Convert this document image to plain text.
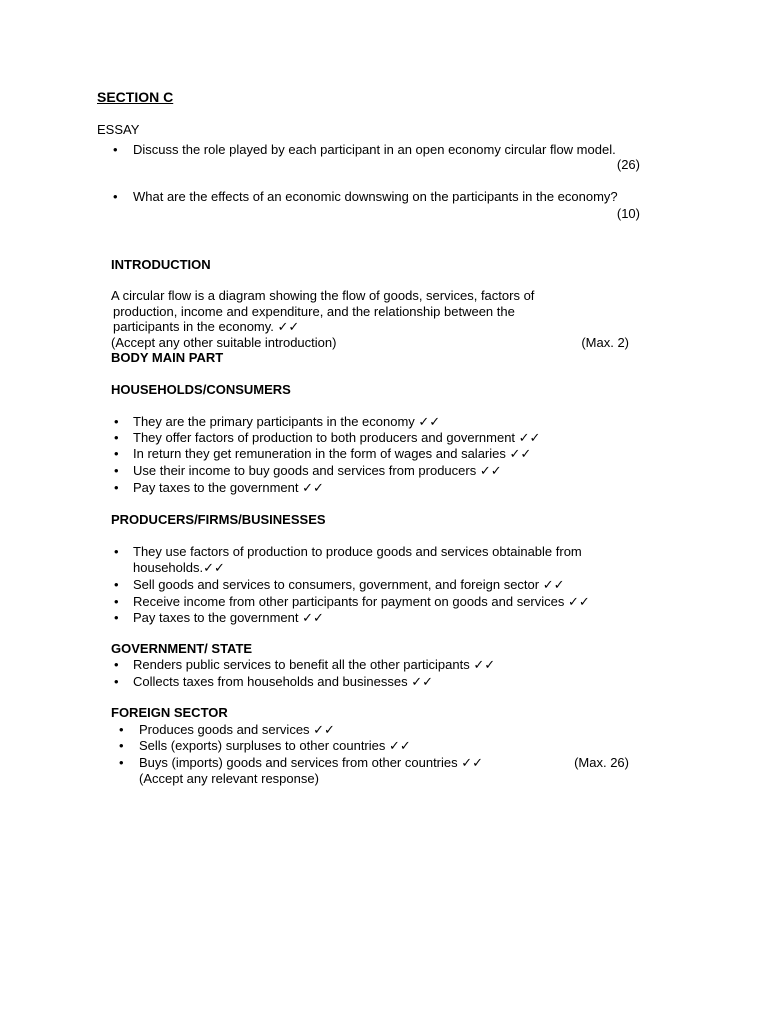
SECTION C
ESSAY
• Discuss the role played by each participant in an open economy circular flow model.
(26)
• What are the effects of an economic downswing on the participants in the economy?
(10)
INTRODUCTION
A circular flow is a diagram showing the flow of goods, services, factors of
production, income and expenditure, and the relationship between the
participants in the economy. ✓✓
(Accept any other suitable introduction)	(Max. 2)
BODY MAIN PART
HOUSEHOLDS/CONSUMERS
• They are the primary participants in the economy ✓✓
• They offer factors of production to both producers and government ✓✓
• In return they get remuneration in the form of wages and salaries ✓✓
• Use their income to buy goods and services from producers ✓✓
• Pay taxes to the government ✓✓
PRODUCERS/FIRMS/BUSINESSES
• They use factors of production to produce goods and services obtainable from
households.✓✓
• Sell goods and services to consumers, government, and foreign sector ✓✓
• Receive income from other participants for payment on goods and services ✓✓
• Pay taxes to the government ✓✓
GOVERNMENT/ STATE
• Renders public services to benefit all the other participants ✓✓
• Collects taxes from households and businesses ✓✓
FOREIGN SECTOR
• Produces goods and services ✓✓
• Sells (exports) surpluses to other countries ✓✓
• Buys (imports) goods and services from other countries ✓✓	(Max. 26)
(Accept any relevant response)
